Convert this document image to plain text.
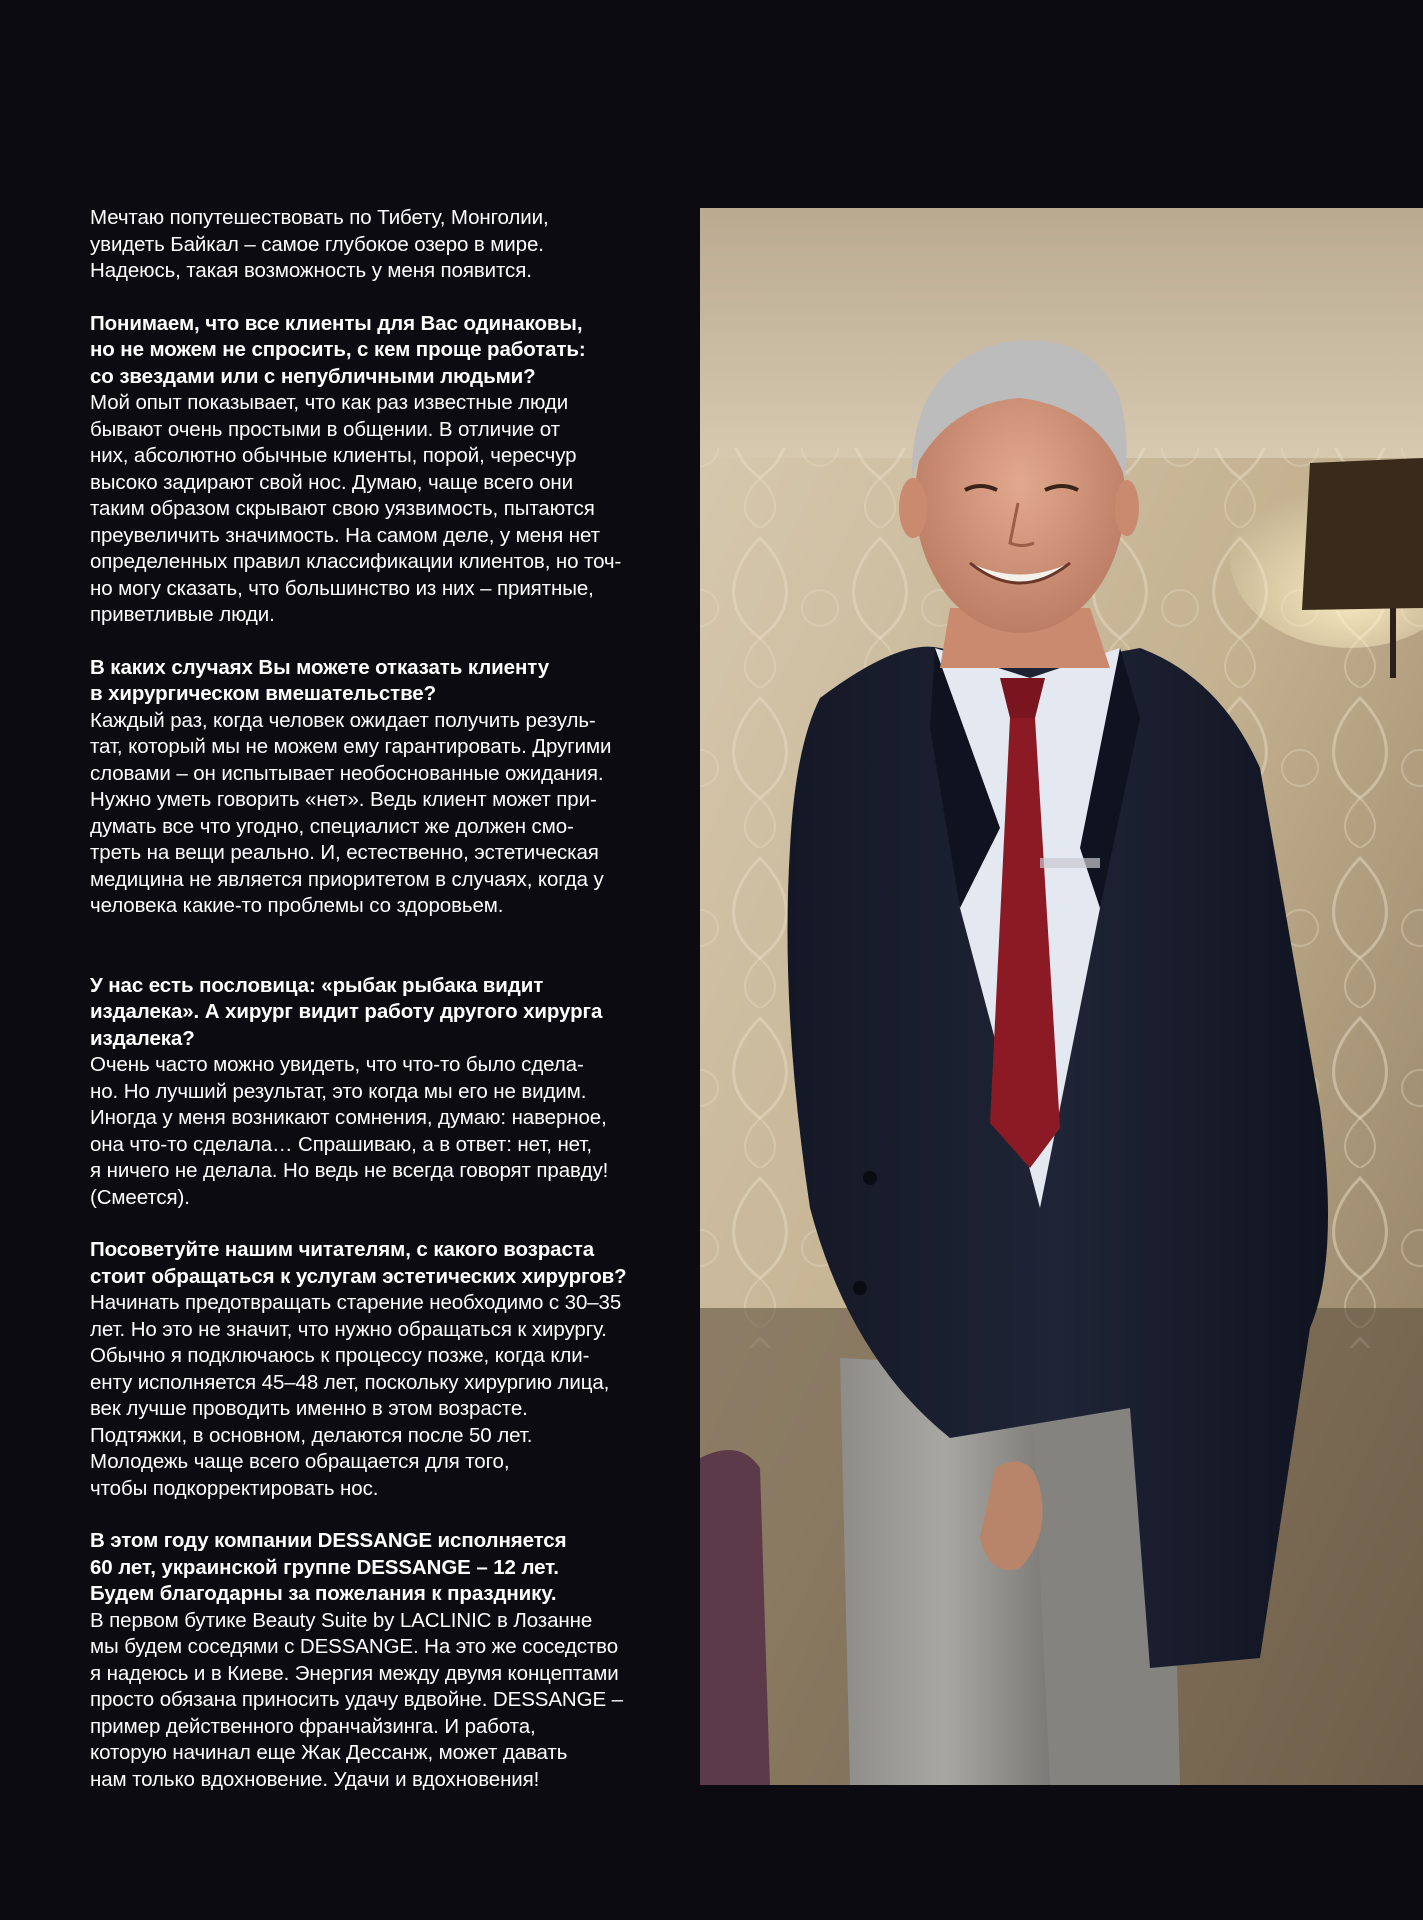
Мечтаю попутешествовать по Тибету, Монголии,
увидеть Байкал – самое глубокое озеро в мире.
Надеюсь, такая возможность у меня появится.

Понимаем, что все клиенты для Вас одинаковы,
но не можем не спросить, с кем проще работать:
со звездами или с непубличными людьми?

Мой опыт показывает, что как раз известные люди
бывают очень простыми в общении. В отличие от
них, абсолютно обычные клиенты, порой, чересчур
высоко задирают свой нос. Думаю, чаще всего они
таким образом скрывают свою уязвимость, пытаются
преувеличить значимость. На самом деле, у меня нет
определенных правил классификации клиентов, но точ-
но могу сказать, что большинство из них – приятные,
приветливые люди.

В каких случаях Вы можете отказать клиенту
в хирургическом вмешательстве?

Каждый раз, когда человек ожидает получить резуль-
тат, который мы не можем ему гарантировать. Другими
словами – он испытывает необоснованные ожидания.
Нужно уметь говорить «нет». Ведь клиент может при-
думать все что угодно, специалист же должен смо-
треть на вещи реально. И, естественно, эстетическая
медицина не является приоритетом в случаях, когда у
человека какие-то проблемы со здоровьем.

У нас есть пословица: «рыбак рыбака видит
издалека». А хирург видит работу другого хирурга
издалека?

Очень часто можно увидеть, что что-то было сдела-
но. Но лучший результат, это когда мы его не видим.
Иногда у меня возникают сомнения, думаю: наверное,
она что-то сделала… Спрашиваю, а в ответ: нет, нет,
я ничего не делала. Но ведь не всегда говорят правду!
(Смеется).

Посоветуйте нашим читателям, с какого возраста
стоит обращаться к услугам эстетических хирургов?

Начинать предотвращать старение необходимо с 30–35
лет. Но это не значит, что нужно обращаться к хирургу.
Обычно я подключаюсь к процессу позже, когда кли-
енту исполняется 45–48 лет, поскольку хирургию лица,
век лучше проводить именно в этом возрасте.
Подтяжки, в основном, делаются после 50 лет.
Молодежь чаще всего обращается для того,
чтобы подкорректировать нос.

В этом году компании DESSANGE исполняется
60 лет, украинской группе DESSANGE – 12 лет.
Будем благодарны за пожелания к празднику.

В первом бутике Beauty Suite by LACLINIC в Лозанне
мы будем соседями с DESSANGE. На это же соседство
я надеюсь и в Киеве. Энергия между двумя концептами
просто обязана приносить удачу вдвойне. DESSANGE –
пример действенного франчайзинга. И работа,
которую начинал еще Жак Дессанж, может давать
нам только вдохновение. Удачи и вдохновения!
